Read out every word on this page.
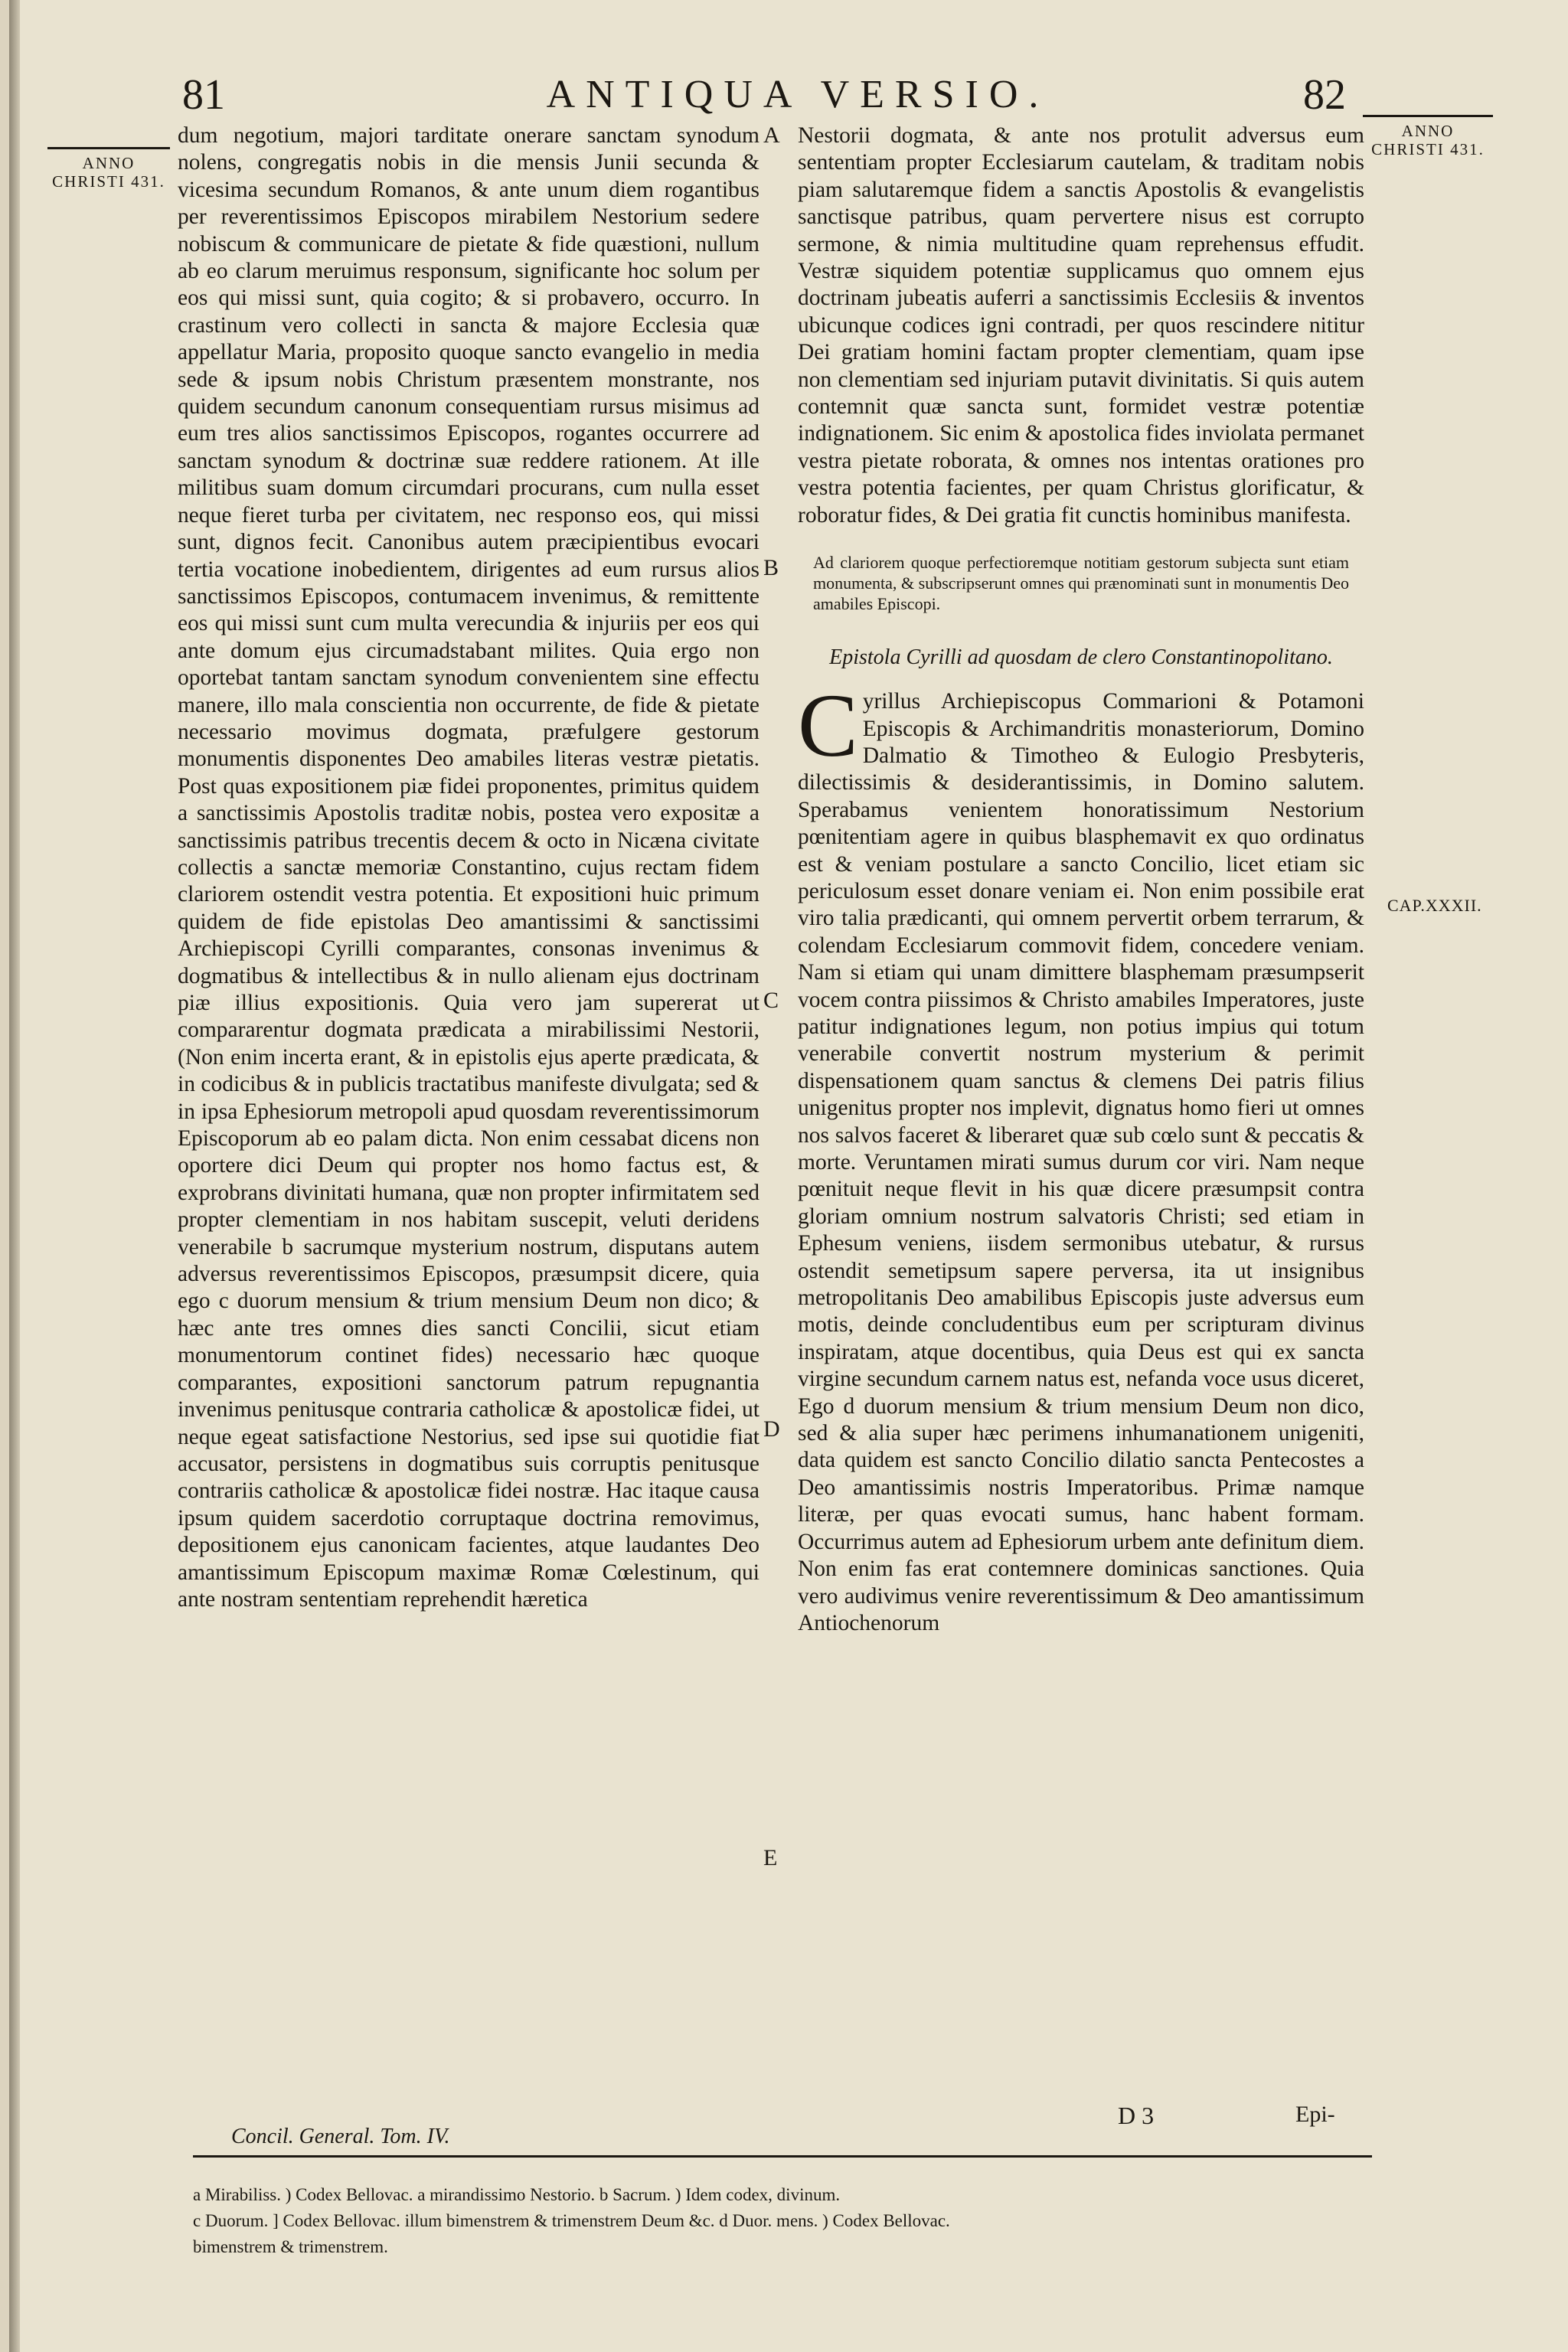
81	ANTIQUA VERSIO.	82
ANNO CHRISTI 431.
ANNO CHRISTI 431.
A
B
C
D
E
CAP.XXXII.

dum negotium, majori tarditate onerare sanctam synodum nolens, congregatis nobis in die mensis Junii secunda & vicesima secundum Romanos, & ante unum diem rogantibus per reverentissimos Episcopos mirabilem Nestorium sedere nobiscum & communicare de pietate & fide quæstioni, nullum ab eo clarum meruimus responsum, significante hoc solum per eos qui missi sunt, quia cogito; & si probavero, occurro. In crastinum vero collecti in sancta & majore Ecclesia quæ appellatur Maria, proposito quoque sancto evangelio in media sede & ipsum nobis Christum præsentem monstrante, nos quidem secundum canonum consequentiam rursus misimus ad eum tres alios sanctissimos Episcopos, rogantes occurrere ad sanctam synodum & doctrinæ suæ reddere rationem. At ille militibus suam domum circumdari procurans, cum nulla esset neque fieret turba per civitatem, nec responso eos, qui missi sunt, dignos fecit. Canonibus autem præcipientibus evocari tertia vocatione inobedientem, dirigentes ad eum rursus alios sanctissimos Episcopos, contumacem invenimus, & remittente eos qui missi sunt cum multa verecundia & injuriis per eos qui ante domum ejus circumadstabant milites. Quia ergo non oportebat tantam sanctam synodum convenientem sine effectu manere, illo mala conscientia non occurrente, de fide & pietate necessario movimus dogmata, præfulgere gestorum monumentis disponentes Deo amabiles literas vestræ pietatis. Post quas expositionem piæ fidei proponentes, primitus quidem a sanctissimis Apostolis traditæ nobis, postea vero expositæ a sanctissimis patribus trecentis decem & octo in Nicæna civitate collectis a sanctæ memoriæ Constantino, cujus rectam fidem clariorem ostendit vestra potentia. Et expositioni huic primum quidem de fide epistolas Deo amantissimi & sanctissimi Archiepiscopi Cyrilli comparantes, consonas invenimus & dogmatibus & intellectibus & in nullo alienam ejus doctrinam piæ illius expositionis. Quia vero jam supererat ut compararentur dogmata prædicata a mirabilissimi Nestorii, (Non enim incerta erant, & in epistolis ejus aperte prædicata, & in codicibus & in publicis tractatibus manifeste divulgata; sed & in ipsa Ephesiorum metropoli apud quosdam reverentissimorum Episcoporum ab eo palam dicta. Non enim cessabat dicens non oportere dici Deum qui propter nos homo factus est, & exprobrans divinitati humana, quæ non propter infirmitatem sed propter clementiam in nos habitam suscepit, veluti deridens venerabile b sacrumque mysterium nostrum, disputans autem adversus reverentissimos Episcopos, præsumpsit dicere, quia ego c duorum mensium & trium mensium Deum non dico; & hæc ante tres omnes dies sancti Concilii, sicut etiam monumentorum continet fides) necessario hæc quoque comparantes, expositioni sanctorum patrum repugnantia invenimus penitusque contraria catholicæ & apostolicæ fidei, ut neque egeat satisfactione Nestorius, sed ipse sui quotidie fiat accusator, persistens in dogmatibus suis corruptis penitusque contrariis catholicæ & apostolicæ fidei nostræ. Hac itaque causa ipsum quidem sacerdotio corruptaque doctrina removimus, depositionem ejus canonicam facientes, atque laudantes Deo amantissimum Episcopum maximæ Romæ Cœlestinum, qui ante nostram sententiam reprehendit hæretica

Nestorii dogmata, & ante nos protulit adversus eum sententiam propter Ecclesiarum cautelam, & traditam nobis piam salutaremque fidem a sanctis Apostolis & evangelistis sanctisque patribus, quam pervertere nisus est corrupto sermone, & nimia multitudine quam reprehensus effudit. Vestræ siquidem potentiæ supplicamus quo omnem ejus doctrinam jubeatis auferri a sanctissimis Ecclesiis & inventos ubicunque codices igni contradi, per quos rescindere nititur Dei gratiam homini factam propter clementiam, quam ipse non clementiam sed injuriam putavit divinitatis. Si quis autem contemnit quæ sancta sunt, formidet vestræ potentiæ indignationem. Sic enim & apostolica fides inviolata permanet vestra pietate roborata, & omnes nos intentas orationes pro vestra potentia facientes, per quam Christus glorificatur, & roboratur fides, & Dei gratia fit cunctis hominibus manifesta.

Ad clariorem quoque perfectioremque notitiam gestorum subjecta sunt etiam monumenta, & subscripserunt omnes qui prænominati sunt in monumentis Deo amabiles Episcopi.

Epistola Cyrilli ad quosdam de clero Constantinopolitano.

Cyrillus Archiepiscopus Commarioni & Potamoni Episcopis & Archimandritis monasteriorum, Domino Dalmatio & Timotheo & Eulogio Presbyteris, dilectissimis & desiderantissimis, in Domino salutem. Sperabamus venientem honoratissimum Nestorium pœnitentiam agere in quibus blasphemavit ex quo ordinatus est & veniam postulare a sancto Concilio, licet etiam sic periculosum esset donare veniam ei. Non enim possibile erat viro talia prædicanti, qui omnem pervertit orbem terrarum, & colendam Ecclesiarum commovit fidem, concedere veniam. Nam si etiam qui unam dimittere blasphemam præsumpserit vocem contra piissimos & Christo amabiles Imperatores, juste patitur indignationes legum, non potius impius qui totum venerabile convertit nostrum mysterium & perimit dispensationem quam sanctus & clemens Dei patris filius unigenitus propter nos implevit, dignatus homo fieri ut omnes nos salvos faceret & liberaret quæ sub cœlo sunt & peccatis & morte. Veruntamen mirati sumus durum cor viri. Nam neque pœnituit neque flevit in his quæ dicere præsumpsit contra gloriam omnium nostrum salvatoris Christi; sed etiam in Ephesum veniens, iisdem sermonibus utebatur, & rursus ostendit semetipsum sapere perversa, ita ut insignibus metropolitanis Deo amabilibus Episcopis juste adversus eum motis, deinde concludentibus eum per scripturam divinus inspiratam, atque docentibus, quia Deus est qui ex sancta virgine secundum carnem natus est, nefanda voce usus diceret, Ego d duorum mensium & trium mensium Deum non dico, sed & alia super hæc perimens inhumanationem unigeniti, data quidem est sancto Concilio dilatio sancta Pentecostes a Deo amantissimis nostris Imperatoribus. Primæ namque literæ, per quas evocati sumus, hanc habent formam. Occurrimus autem ad Ephesiorum urbem ante definitum diem. Non enim fas erat contemnere dominicas sanctiones. Quia vero audivimus venire reverentissimum & Deo amantissimum Antiochenorum

Concil. General. Tom. IV.
D 3	Epi-
a Mirabiliss. ) Codex Bellovac. a mirandissimo Nestorio. b Sacrum. ) Idem codex, divinum.
c Duorum. ] Codex Bellovac. illum bimenstrem & trimenstrem Deum &c. d Duor. mens. ) Codex Bellovac.
bimenstrem & trimenstrem.
